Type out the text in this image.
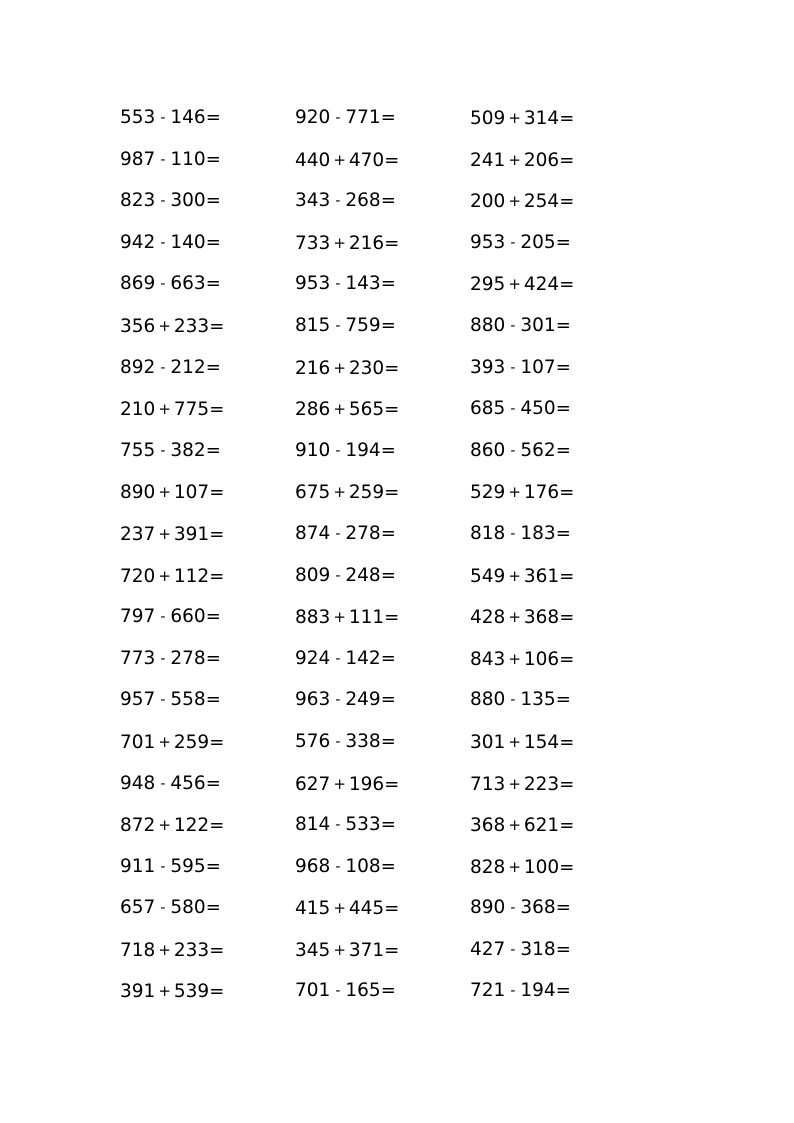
553 - 146=
987 - 110=
823 - 300=
942 - 140=
869 - 663=
356 + 233=
892 - 212=
210 + 775=
755 - 382=
890 + 107=
237 + 391=
720 + 112=
797 - 660=
773 - 278=
957 - 558=
701 + 259=
948 - 456=
872 + 122=
911 - 595=
657 - 580=
718 + 233=
391 + 539=
920 - 771=
440 + 470=
343 - 268=
733 + 216=
953 - 143=
815 - 759=
216 + 230=
286 + 565=
910 - 194=
675 + 259=
874 - 278=
809 - 248=
883 + 111=
924 - 142=
963 - 249=
576 - 338=
627 + 196=
814 - 533=
968 - 108=
415 + 445=
345 + 371=
701 - 165=
509 + 314=
241 + 206=
200 + 254=
953 - 205=
295 + 424=
880 - 301=
393 - 107=
685 - 450=
860 - 562=
529 + 176=
818 - 183=
549 + 361=
428 + 368=
843 + 106=
880 - 135=
301 + 154=
713 + 223=
368 + 621=
828 + 100=
890 - 368=
427 - 318=
721 - 194=
